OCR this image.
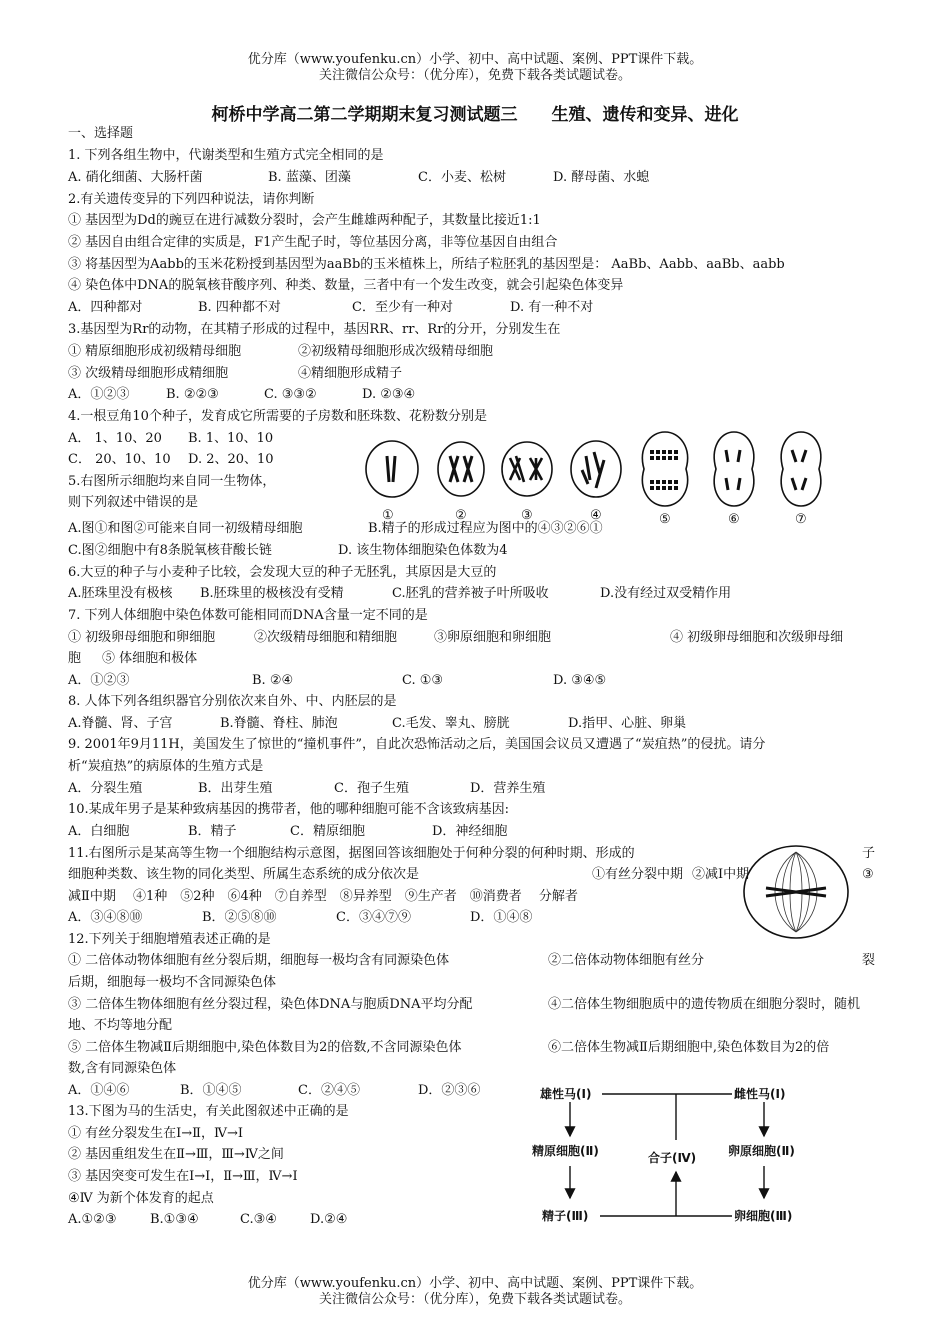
优分库（www.youfenku.cn）小学、初中、高中试题、案例、PPT课件下载。
关注微信公众号：（优分库），免费下载各类试题试卷。
柯桥中学高二第二学期期末复习测试题三 生殖、遗传和变异、进化
一、选择题
1. 下列各组生物中，代谢类型和生殖方式完全相同的是
A. 硝化细菌、大肠杆菌	B. 蓝藻、团藻	C．小麦、松树	D. 酵母菌、水螅
2.有关遗传变异的下列四种说法，请你判断
① 基因型为Dd的豌豆在进行减数分裂时，会产生雌雄两种配子，其数量比接近1:1
② 基因自由组合定律的实质是，F1产生配子时，等位基因分离，非等位基因自由组合
③ 将基因型为Aabb的玉米花粉授到基因型为aaBb的玉米植株上，所结子粒胚乳的基因型是： AaBb、Aabb、aaBb、aabb
④ 染色体中DNA的脱氧核苷酸序列、种类、数量，三者中有一个发生改变，就会引起染色体变异
A．四种都对	B. 四种都不对	C．至少有一种对	D. 有一种不对
3.基因型为Rr的动物，在其精子形成的过程中，基因RR、rr、Rr的分开，分别发生在
① 精原细胞形成初级精母细胞	②初级精母细胞形成次级精母细胞
③ 次级精母细胞形成精细胞	④精细胞形成精子
A．①②③	B. ②②③	C. ③③②	D. ②③④
4.一根豆角10个种子，发育成它所需要的子房数和胚珠数、花粉数分别是
A． 1、10、20 B. 1、10、10
C． 20、10、10 D. 2、20、10
5.右图所示细胞均来自同一生物体，
则下列叙述中错误的是
A.图①和图②可能来自同一初级精母细胞	B.精子的形成过程应为图中的④③②⑥①
C.图②细胞中有8条脱氧核苷酸长链	D. 该生物体细胞染色体数为4
①	②	③	④	⑤	⑥	⑦
6.大豆的种子与小麦种子比较，会发现大豆的种子无胚乳，其原因是大豆的
A.胚珠里没有极核 B.胚珠里的极核没有受精	C.胚乳的营养被子叶所吸收	D.没有经过双受精作用
7. 下列人体细胞中染色体数可能相同而DNA含量一定不同的是
① 初级卵母细胞和卵细胞	②次级精母细胞和精细胞	③卵原细胞和卵细胞	④ 初级卵母细胞和次级卵母细
胞 ⑤ 体细胞和极体
A．①②③	B. ②④	C. ①③	D. ③④⑤
8. 人体下列各组织器官分别依次来自外、中、内胚层的是
A.脊髓、肾、子宫	B.脊髓、脊柱、肺泡	C.毛发、睾丸、膀胱	D.指甲、心脏、卵巢
9. 2001年9月11H，美国发生了惊世的“撞机事件”，自此次恐怖活动之后，美国国会议员又遭遇了“炭疽热”的侵扰。请分
析“炭疽热”的病原体的生殖方式是
A．分裂生殖	B．出芽生殖	C．孢子生殖	D．营养生殖
10.某成年男子是某种致病基因的携带者，他的哪种细胞可能不含该致病基因:
A．白细胞	B．精子	C．精原细胞	D．神经细胞
11.右图所示是某高等生物一个细胞结构示意图，据图回答该细胞处于何种分裂的何种时期、形成的	子
细胞种类数、该生物的同化类型、所属生态系统的成分依次是	①有丝分裂中期 ②减Ⅰ中期	③
减Ⅱ中期　 ④1种　⑤2种　⑥4种　⑦自养型　⑧异养型　⑨生产者　⑩消费者　 分解者
A．③④⑧⑩	B．②⑤⑧⑩	C．③④⑦⑨	D．①④⑧
12.下列关于细胞增殖表述正确的是
① 二倍体动物体细胞有丝分裂后期，细胞每一极均含有同源染色体	②二倍体动物体细胞有丝分	裂
后期，细胞每一极均不含同源染色体
③ 二倍体生物体细胞有丝分裂过程，染色体DNA与胞质DNA平均分配	④二倍体生物细胞质中的遗传物质在细胞分裂时，随机
地、不均等地分配
⑤ 二倍体生物减Ⅱ后期细胞中,染色体数目为2的倍数,不含同源染色体	⑥二倍体生物减Ⅱ后期细胞中,染色体数目为2的倍
数,含有同源染色体
A．①④⑥	B．①④⑤	C．②④⑤	D．②③⑥
13.下图为马的生活史，有关此图叙述中正确的是
① 有丝分裂发生在Ⅰ→Ⅱ，Ⅳ→Ⅰ
② 基因重组发生在Ⅱ→Ⅲ，Ⅲ→Ⅳ之间
③ 基因突变可发生在Ⅰ→Ⅰ，Ⅱ→Ⅲ，Ⅳ→Ⅰ
④Ⅳ 为新个体发育的起点
A.①②③	B.①③④	C.③④	D.②④
雄性马(Ⅰ)	雌性马(Ⅰ)
精原细胞(Ⅱ)	卵原细胞(Ⅱ)
合子(Ⅳ)
精子(Ⅲ)	卵细胞(Ⅲ)
优分库（www.youfenku.cn）小学、初中、高中试题、案例、PPT课件下载。
关注微信公众号：（优分库），免费下载各类试题试卷。
